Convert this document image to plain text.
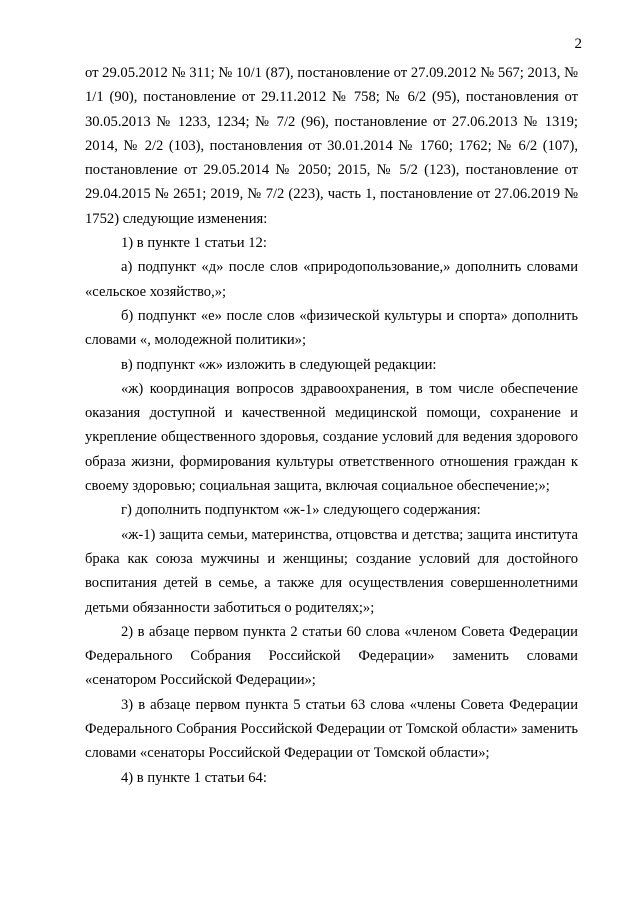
2

от 29.05.2012 № 311; № 10/1 (87), постановление от 27.09.2012 № 567; 2013, № 1/1 (90), постановление от 29.11.2012 № 758; № 6/2 (95), постановления от 30.05.2013 № 1233, 1234; № 7/2 (96), постановление от 27.06.2013 № 1319; 2014, № 2/2 (103), постановления от 30.01.2014 № 1760; 1762; № 6/2 (107), постановление от 29.05.2014 № 2050; 2015, № 5/2 (123), постановление от 29.04.2015 № 2651; 2019, № 7/2 (223), часть 1, постановление от 27.06.2019 № 1752) следующие изменения:

1) в пункте 1 статьи 12:

а) подпункт «д» после слов «природопользование,» дополнить словами «сельское хозяйство,»;

б) подпункт «е» после слов «физической культуры и спорта» дополнить словами «, молодежной политики»;

в) подпункт «ж» изложить в следующей редакции:

«ж) координация вопросов здравоохранения, в том числе обеспечение оказания доступной и качественной медицинской помощи, сохранение и укрепление общественного здоровья, создание условий для ведения здорового образа жизни, формирования культуры ответственного отношения граждан к своему здоровью; социальная защита, включая социальное обеспечение;»;

г) дополнить подпунктом «ж-1» следующего содержания:

«ж-1) защита семьи, материнства, отцовства и детства; защита института брака как союза мужчины и женщины; создание условий для достойного воспитания детей в семье, а также для осуществления совершеннолетними детьми обязанности заботиться о родителях;»;

2) в абзаце первом пункта 2 статьи 60 слова «членом Совета Федерации Федерального Собрания Российской Федерации» заменить словами «сенатором Российской Федерации»;

3) в абзаце первом пункта 5 статьи 63 слова «члены Совета Федерации Федерального Собрания Российской Федерации от Томской области» заменить словами «сенаторы Российской Федерации от Томской области»;

4) в пункте 1 статьи 64:
